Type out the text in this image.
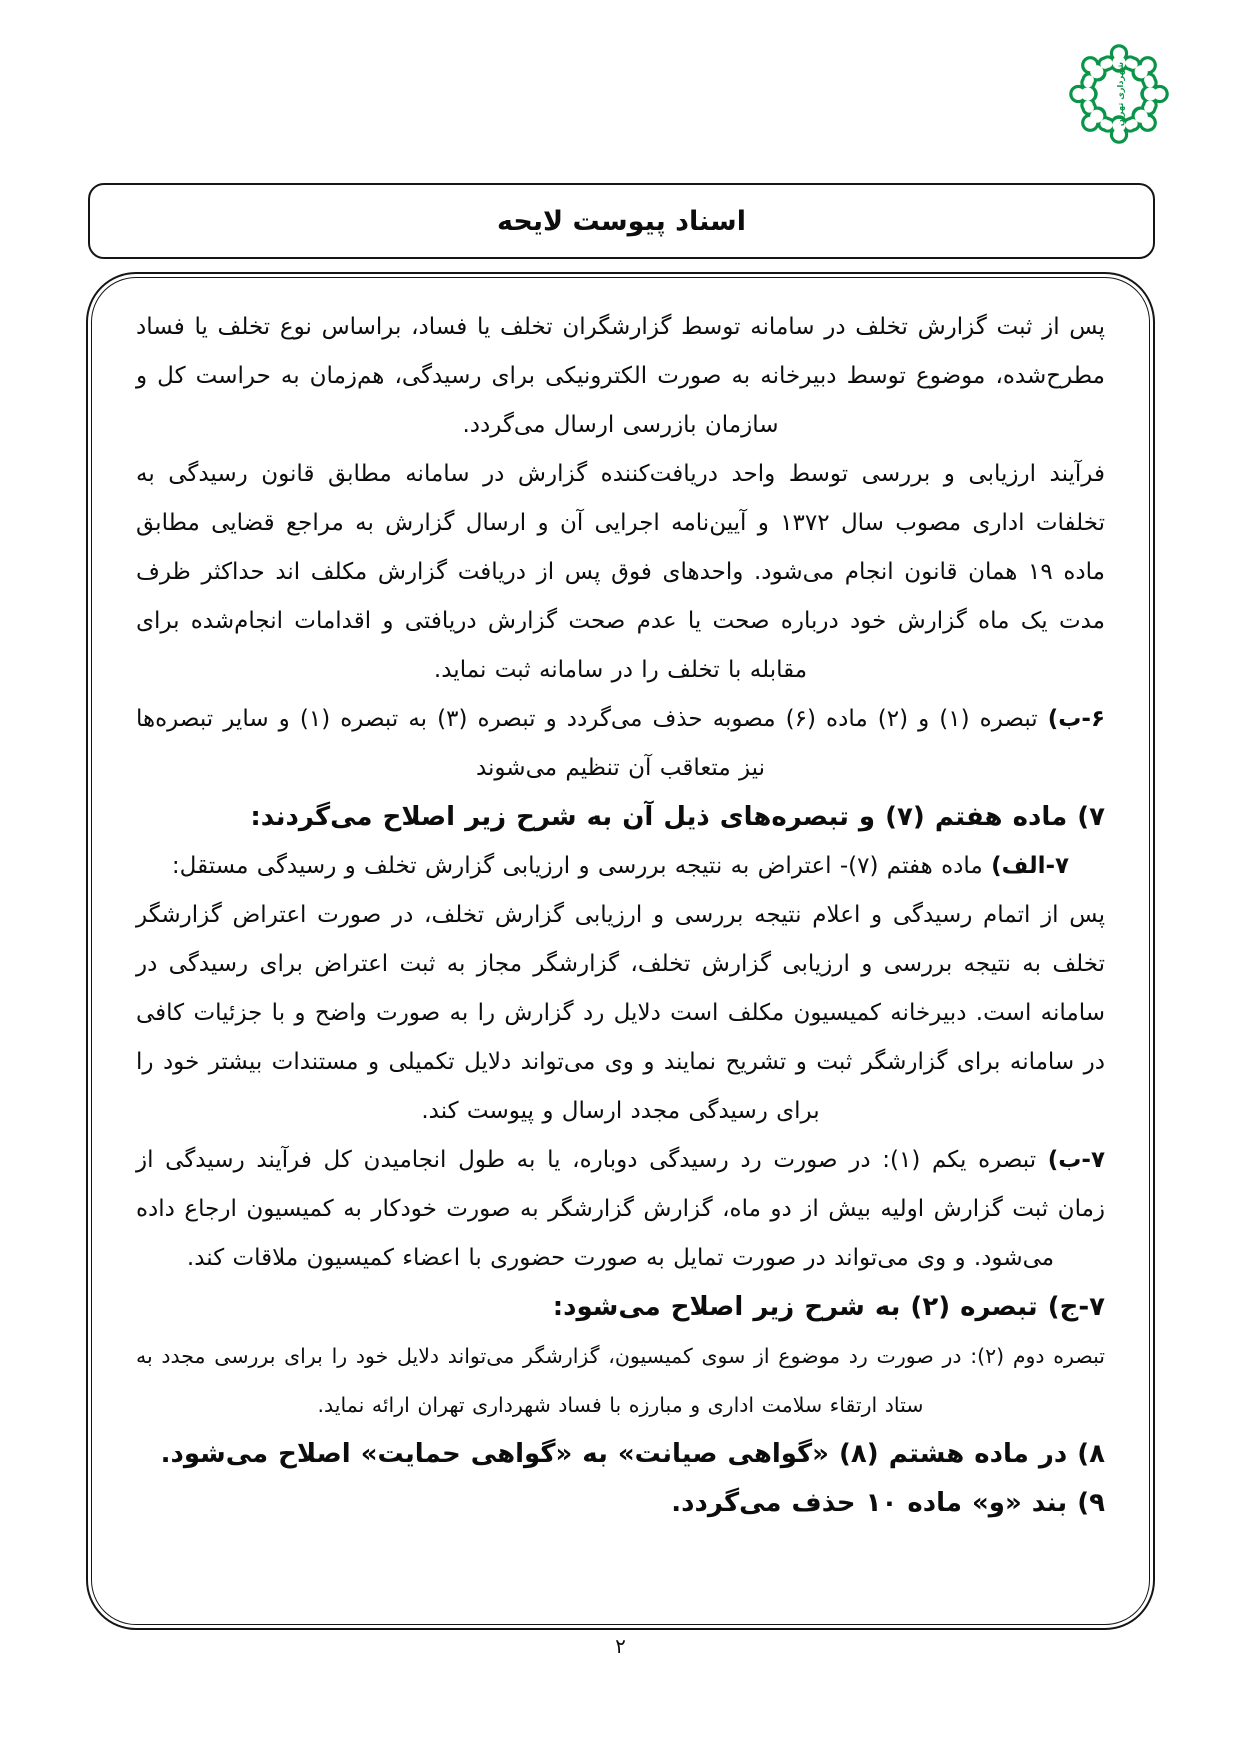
شهرداری تهران
اسناد پیوست لایحه

پس از ثبت گزارش تخلف در سامانه توسط گزارشگران تخلف یا فساد، براساس نوع تخلف یا فساد مطرح‌شده، موضوع توسط دبیرخانه به صورت الکترونیکی برای رسیدگی، هم‌زمان به حراست کل و سازمان بازرسی ارسال می‌گردد.

فرآیند ارزیابی و بررسی توسط واحد دریافت‌کننده گزارش در سامانه مطابق قانون رسیدگی به تخلفات اداری مصوب سال ۱۳۷۲ و آیین‌نامه اجرایی آن و ارسال گزارش به مراجع قضایی مطابق ماده ۱۹ همان قانون انجام می‌شود. واحدهای فوق پس از دریافت گزارش مکلف اند حداکثر ظرف مدت یک ماه گزارش خود درباره صحت یا عدم صحت گزارش دریافتی و اقدامات انجام‌شده برای مقابله با تخلف را در سامانه ثبت نماید.

۶-ب) تبصره (۱) و (۲) ماده (۶) مصوبه حذف می‌گردد و تبصره (۳) به تبصره (۱) و سایر تبصره‌ها نیز متعاقب آن تنظیم می‌شوند

۷) ماده هفتم (۷) و تبصره‌های ذیل آن به شرح زیر اصلاح می‌گردند:

۷-الف) ماده هفتم (۷)- اعتراض به نتیجه بررسی و ارزیابی گزارش تخلف و رسیدگی مستقل:

پس از اتمام رسیدگی و اعلام نتیجه بررسی و ارزیابی گزارش تخلف، در صورت اعتراض گزارشگر تخلف به نتیجه بررسی و ارزیابی گزارش تخلف، گزارشگر مجاز به ثبت اعتراض برای رسیدگی در سامانه است. دبیرخانه کمیسیون مکلف است دلایل رد گزارش را به صورت واضح و با جزئیات کافی در سامانه برای گزارشگر ثبت و تشریح نمایند و وی می‌تواند دلایل تکمیلی و مستندات بیشتر خود را برای رسیدگی مجدد ارسال و پیوست کند.

۷-ب) تبصره یکم (۱): در صورت رد رسیدگی دوباره، یا به طول انجامیدن کل فرآیند رسیدگی از زمان ثبت گزارش اولیه بیش از دو ماه، گزارش گزارشگر به صورت خودکار به کمیسیون ارجاع داده می‌شود. و وی می‌تواند در صورت تمایل به صورت حضوری با اعضاء کمیسیون ملاقات کند.

۷-ج) تبصره (۲) به شرح زیر اصلاح می‌شود:

تبصره دوم (۲): در صورت رد موضوع از سوی کمیسیون، گزارشگر می‌تواند دلایل خود را برای بررسی مجدد به ستاد ارتقاء سلامت اداری و مبارزه با فساد شهرداری تهران ارائه نماید.

۸) در ماده هشتم (۸) «گواهی صیانت» به «گواهی حمایت» اصلاح می‌شود.

۹) بند «و» ماده ۱۰ حذف می‌گردد.

۲
